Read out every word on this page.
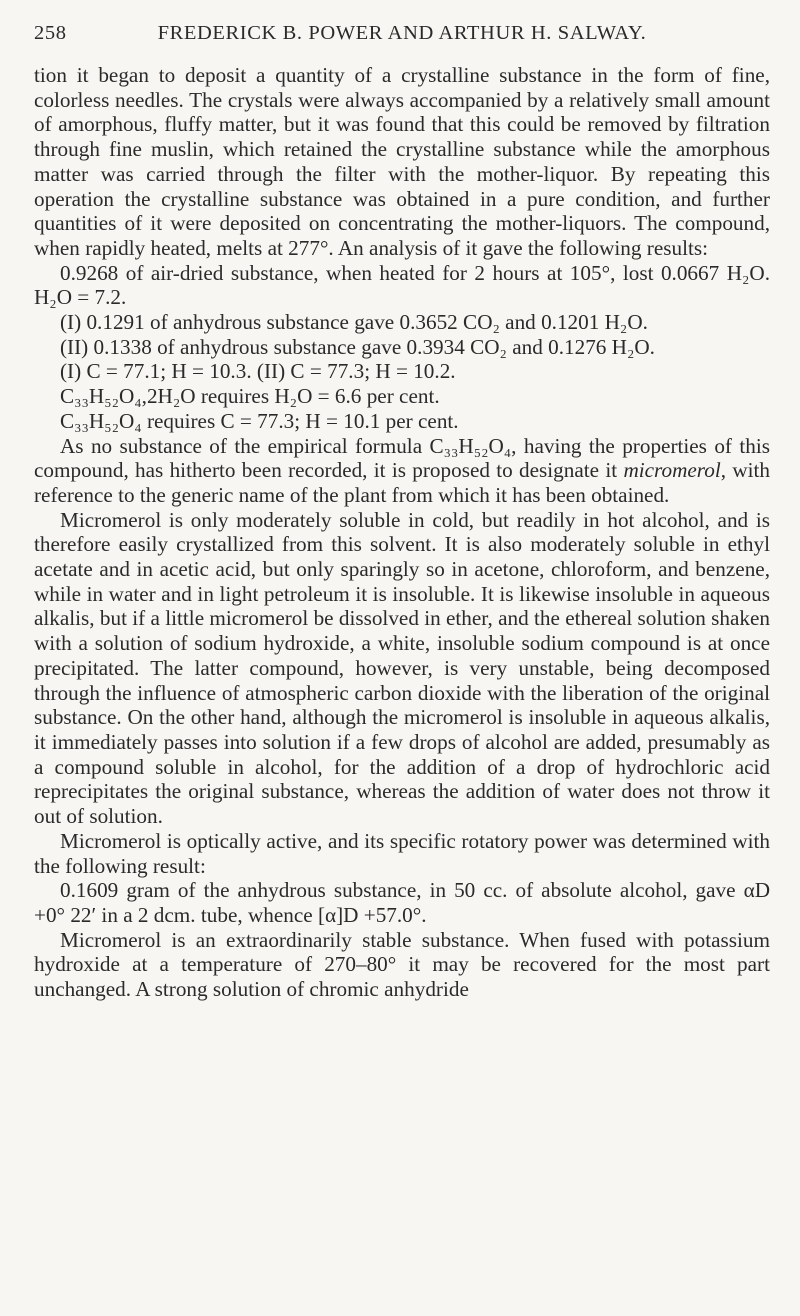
258	FREDERICK B. POWER AND ARTHUR H. SALWAY.

tion it began to deposit a quantity of a crystalline substance in the form of fine, colorless needles. The crystals were always accompanied by a relatively small amount of amorphous, fluffy matter, but it was found that this could be removed by filtration through fine muslin, which retained the crystalline substance while the amorphous matter was carried through the filter with the mother-liquor. By repeating this operation the crystalline substance was obtained in a pure condition, and further quantities of it were deposited on concentrating the mother-liquors. The compound, when rapidly heated, melts at 277°. An analysis of it gave the following results:

0.9268 of air-dried substance, when heated for 2 hours at 105°, lost 0.0667 H₂O. H₂O = 7.2.

(I) 0.1291 of anhydrous substance gave 0.3652 CO₂ and 0.1201 H₂O.

(II) 0.1338 of anhydrous substance gave 0.3934 CO₂ and 0.1276 H₂O.

(I) C = 77.1; H = 10.3. (II) C = 77.3; H = 10.2.

C₃₃H₅₂O₄,2H₂O requires H₂O = 6.6 per cent.

C₃₃H₅₂O₄ requires C = 77.3; H = 10.1 per cent.

As no substance of the empirical formula C₃₃H₅₂O₄, having the properties of this compound, has hitherto been recorded, it is proposed to designate it micromerol, with reference to the generic name of the plant from which it has been obtained.

Micromerol is only moderately soluble in cold, but readily in hot alcohol, and is therefore easily crystallized from this solvent. It is also moderately soluble in ethyl acetate and in acetic acid, but only sparingly so in acetone, chloroform, and benzene, while in water and in light petroleum it is insoluble. It is likewise insoluble in aqueous alkalis, but if a little micromerol be dissolved in ether, and the ethereal solution shaken with a solution of sodium hydroxide, a white, insoluble sodium compound is at once precipitated. The latter compound, however, is very unstable, being decomposed through the influence of atmospheric carbon dioxide with the liberation of the original substance. On the other hand, although the micromerol is insoluble in aqueous alkalis, it immediately passes into solution if a few drops of alcohol are added, presumably as a compound soluble in alcohol, for the addition of a drop of hydrochloric acid reprecipitates the original substance, whereas the addition of water does not throw it out of solution.

Micromerol is optically active, and its specific rotatory power was determined with the following result:

0.1609 gram of the anhydrous substance, in 50 cc. of absolute alcohol, gave αD +0° 22′ in a 2 dcm. tube, whence [α]D +57.0°.

Micromerol is an extraordinarily stable substance. When fused with potassium hydroxide at a temperature of 270–80° it may be recovered for the most part unchanged. A strong solution of chromic anhydride
